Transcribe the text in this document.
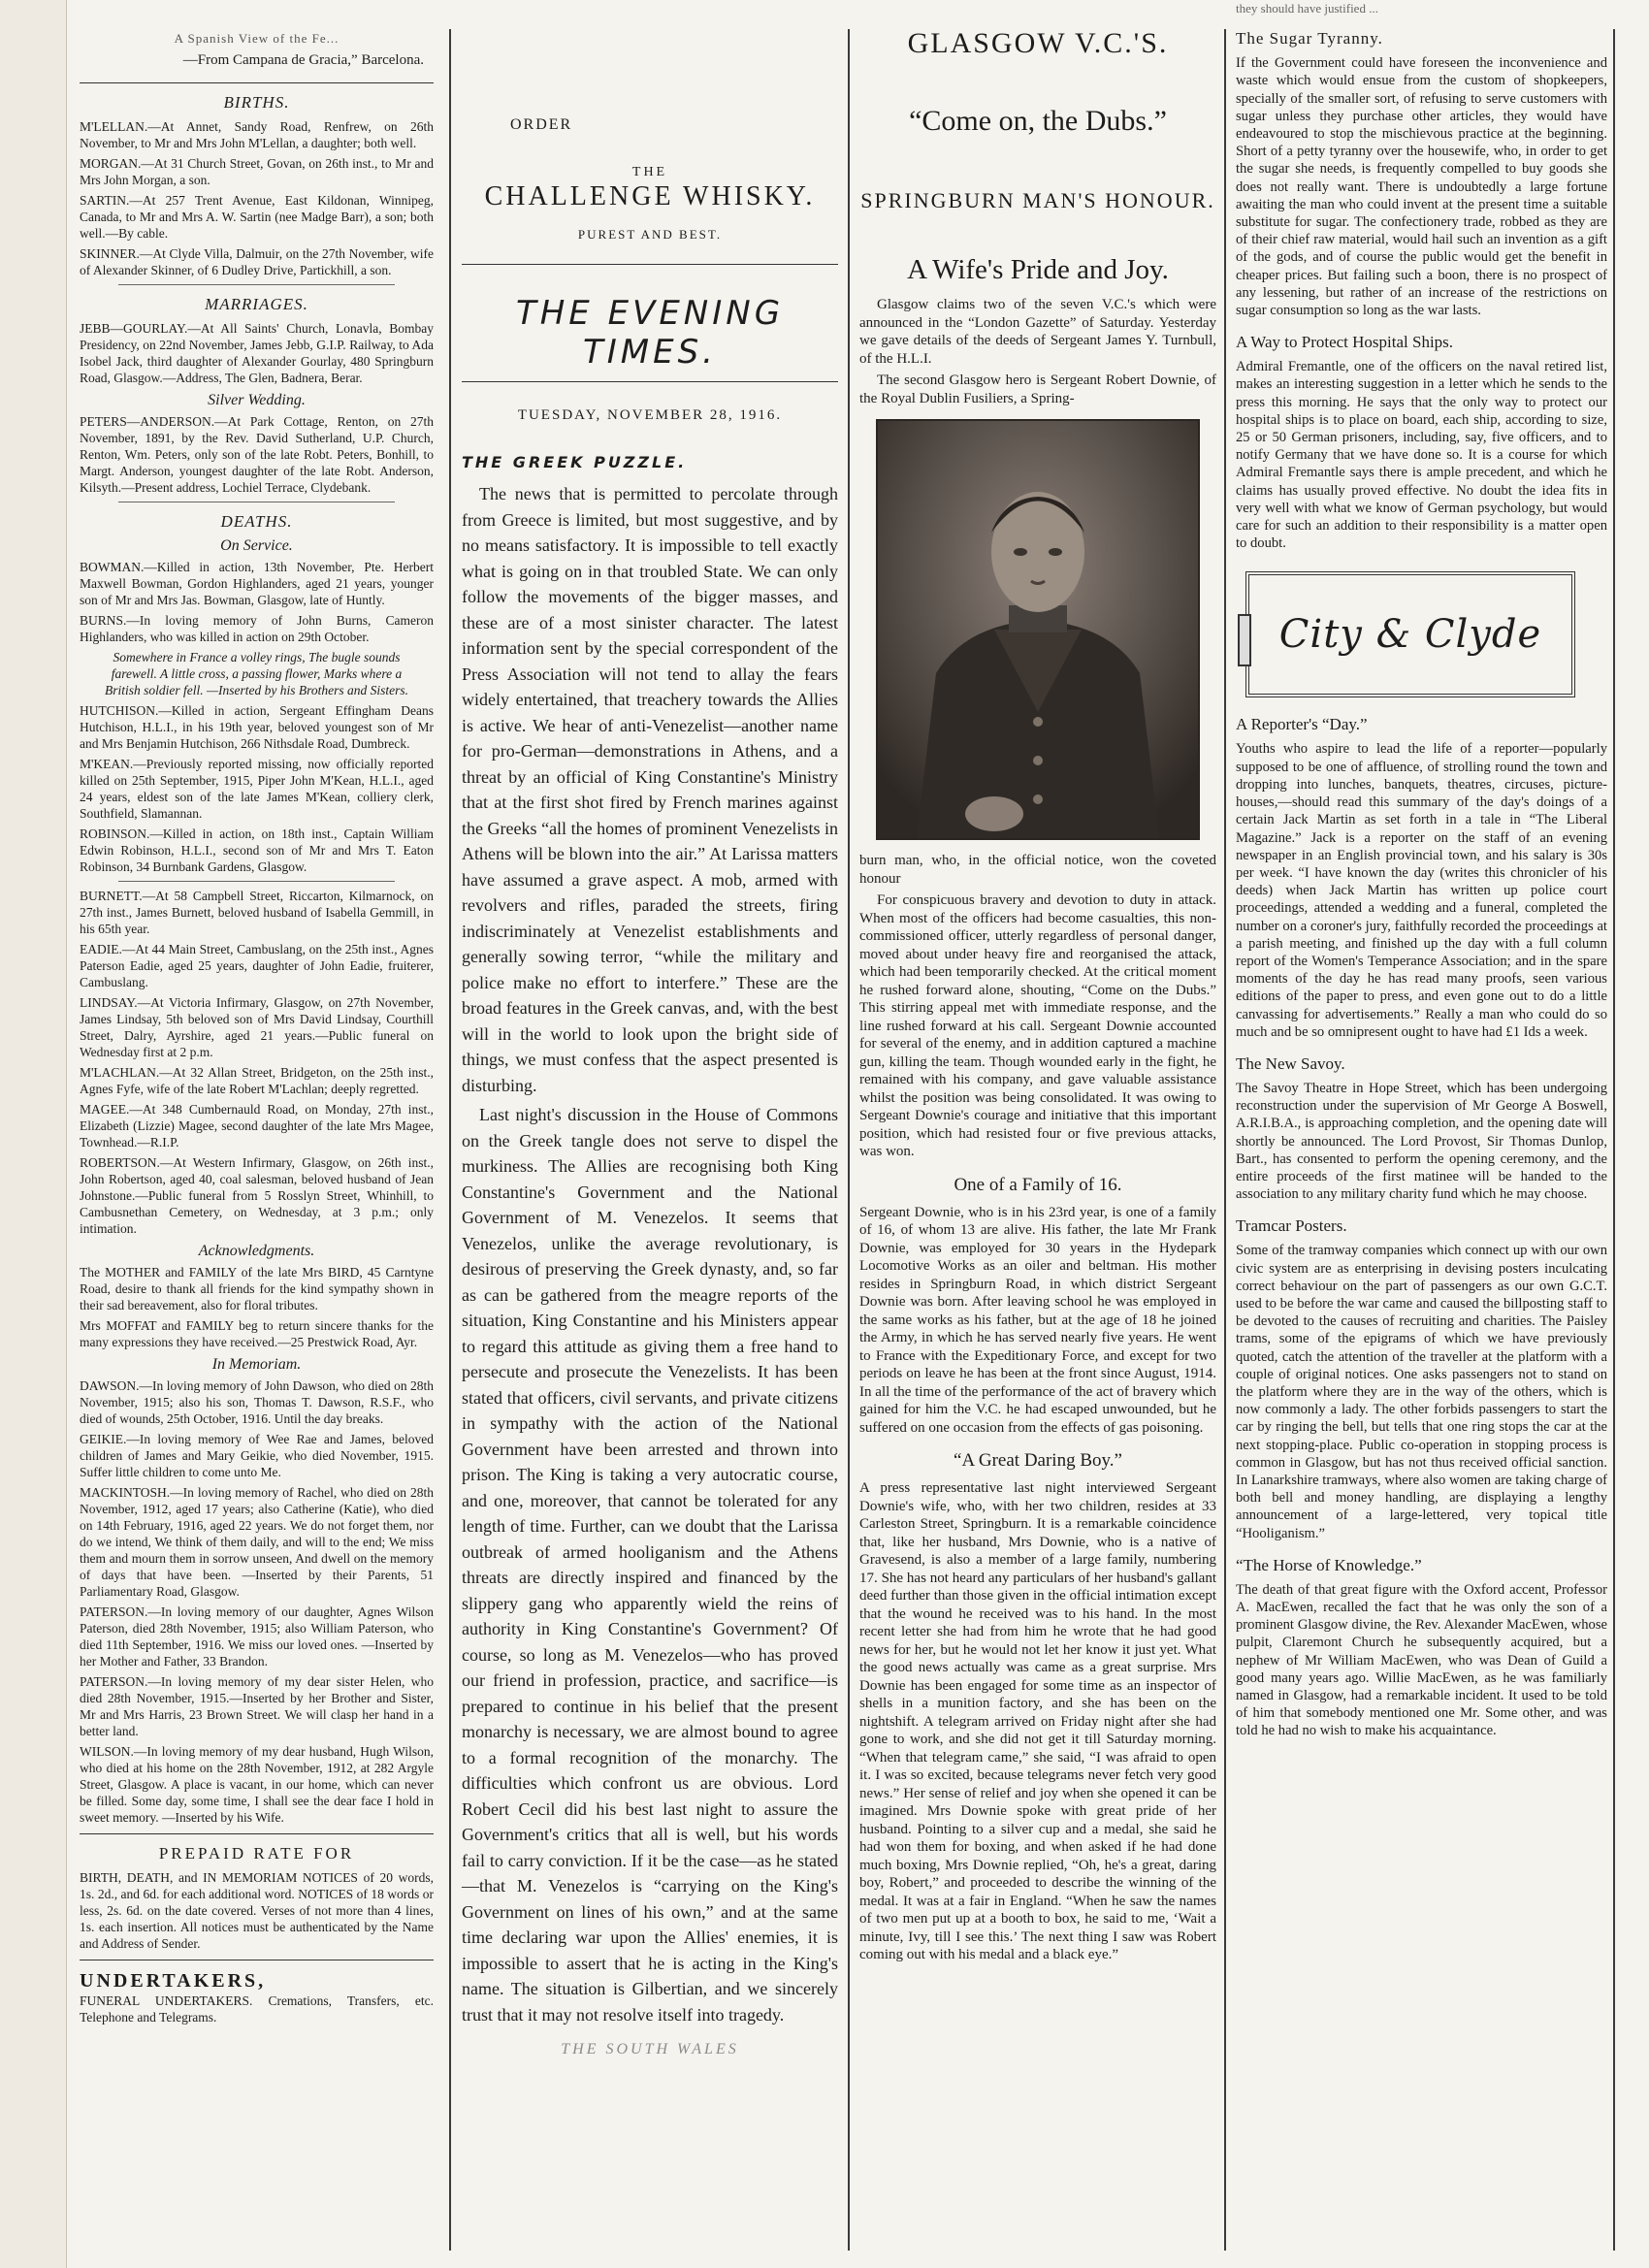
A Spanish View of the Fe...
—From Campana de Gracia,” Barcelona.
BIRTHS.

M'LELLAN.—At Annet, Sandy Road, Renfrew, on 26th November, to Mr and Mrs John M'Lellan, a daughter; both well.

MORGAN.—At 31 Church Street, Govan, on 26th inst., to Mr and Mrs John Morgan, a son.

SARTIN.—At 257 Trent Avenue, East Kildonan, Winnipeg, Canada, to Mr and Mrs A. W. Sartin (nee Madge Barr), a son; both well.—By cable.

SKINNER.—At Clyde Villa, Dalmuir, on the 27th November, wife of Alexander Skinner, of 6 Dudley Drive, Partickhill, a son.

MARRIAGES.

JEBB—GOURLAY.—At All Saints' Church, Lonavla, Bombay Presidency, on 22nd November, James Jebb, G.I.P. Railway, to Ada Isobel Jack, third daughter of Alexander Gourlay, 480 Springburn Road, Glasgow.—Address, The Glen, Badnera, Berar.

Silver Wedding.

PETERS—ANDERSON.—At Park Cottage, Renton, on 27th November, 1891, by the Rev. David Sutherland, U.P. Church, Renton, Wm. Peters, only son of the late Robt. Peters, Bonhill, to Margt. Anderson, youngest daughter of the late Robt. Anderson, Kilsyth.—Present address, Lochiel Terrace, Clydebank.

DEATHS.
On Service.

BOWMAN.—Killed in action, 13th November, Pte. Herbert Maxwell Bowman, Gordon Highlanders, aged 21 years, younger son of Mr and Mrs Jas. Bowman, Glasgow, late of Huntly.

BURNS.—In loving memory of John Burns, Cameron Highlanders, who was killed in action on 29th October.

Somewhere in France a volley rings, The bugle sounds farewell. A little cross, a passing flower, Marks where a British soldier fell. —Inserted by his Brothers and Sisters.

HUTCHISON.—Killed in action, Sergeant Effingham Deans Hutchison, H.L.I., in his 19th year, beloved youngest son of Mr and Mrs Benjamin Hutchison, 266 Nithsdale Road, Dumbreck.

M'KEAN.—Previously reported missing, now officially reported killed on 25th September, 1915, Piper John M'Kean, H.L.I., aged 24 years, eldest son of the late James M'Kean, colliery clerk, Southfield, Slamannan.

ROBINSON.—Killed in action, on 18th inst., Captain William Edwin Robinson, H.L.I., second son of Mr and Mrs T. Eaton Robinson, 34 Burnbank Gardens, Glasgow.

BURNETT.—At 58 Campbell Street, Riccarton, Kilmarnock, on 27th inst., James Burnett, beloved husband of Isabella Gemmill, in his 65th year.

EADIE.—At 44 Main Street, Cambuslang, on the 25th inst., Agnes Paterson Eadie, aged 25 years, daughter of John Eadie, fruiterer, Cambuslang.

LINDSAY.—At Victoria Infirmary, Glasgow, on 27th November, James Lindsay, 5th beloved son of Mrs David Lindsay, Courthill Street, Dalry, Ayrshire, aged 21 years.—Public funeral on Wednesday first at 2 p.m.

M'LACHLAN.—At 32 Allan Street, Bridgeton, on the 25th inst., Agnes Fyfe, wife of the late Robert M'Lachlan; deeply regretted.

MAGEE.—At 348 Cumbernauld Road, on Monday, 27th inst., Elizabeth (Lizzie) Magee, second daughter of the late Mrs Magee, Townhead.—R.I.P.

ROBERTSON.—At Western Infirmary, Glasgow, on 26th inst., John Robertson, aged 40, coal salesman, beloved husband of Jean Johnstone.—Public funeral from 5 Rosslyn Street, Whinhill, to Cambusnethan Cemetery, on Wednesday, at 3 p.m.; only intimation.

Acknowledgments.

The MOTHER and FAMILY of the late Mrs BIRD, 45 Carntyne Road, desire to thank all friends for the kind sympathy shown in their sad bereavement, also for floral tributes.

Mrs MOFFAT and FAMILY beg to return sincere thanks for the many expressions they have received.—25 Prestwick Road, Ayr.

In Memoriam.

DAWSON.—In loving memory of John Dawson, who died on 28th November, 1915; also his son, Thomas T. Dawson, R.S.F., who died of wounds, 25th October, 1916. Until the day breaks.

GEIKIE.—In loving memory of Wee Rae and James, beloved children of James and Mary Geikie, who died November, 1915. Suffer little children to come unto Me.

MACKINTOSH.—In loving memory of Rachel, who died on 28th November, 1912, aged 17 years; also Catherine (Katie), who died on 14th February, 1916, aged 22 years. We do not forget them, nor do we intend, We think of them daily, and will to the end; We miss them and mourn them in sorrow unseen, And dwell on the memory of days that have been. —Inserted by their Parents, 51 Parliamentary Road, Glasgow.

PATERSON.—In loving memory of our daughter, Agnes Wilson Paterson, died 28th November, 1915; also William Paterson, who died 11th September, 1916. We miss our loved ones. —Inserted by her Mother and Father, 33 Brandon.

PATERSON.—In loving memory of my dear sister Helen, who died 28th November, 1915.—Inserted by her Brother and Sister, Mr and Mrs Harris, 23 Brown Street. We will clasp her hand in a better land.

WILSON.—In loving memory of my dear husband, Hugh Wilson, who died at his home on the 28th November, 1912, at 282 Argyle Street, Glasgow. A place is vacant, in our home, which can never be filled. Some day, some time, I shall see the dear face I hold in sweet memory. —Inserted by his Wife.

PREPAID RATE FOR
BIRTH, DEATH, and IN MEMORIAM NOTICES of 20 words, 1s. 2d., and 6d. for each additional word. NOTICES of 18 words or less, 2s. 6d. on the date covered. Verses of not more than 4 lines, 1s. each insertion. All notices must be authenticated by the Name and Address of Sender.
UNDERTAKERS,
FUNERAL UNDERTAKERS. Cremations, Transfers, etc. Telephone and Telegrams.
ORDER
THE
CHALLENGE WHISKY.
PUREST AND BEST.
THE EVENING TIMES.
TUESDAY, NOVEMBER 28, 1916.
THE GREEK PUZZLE.

The news that is permitted to percolate through from Greece is limited, but most suggestive, and by no means satisfactory. It is impossible to tell exactly what is going on in that troubled State. We can only follow the movements of the bigger masses, and these are of a most sinister character. The latest information sent by the special correspondent of the Press Association will not tend to allay the fears widely entertained, that treachery towards the Allies is active. We hear of anti-Venezelist—another name for pro-German—demonstrations in Athens, and a threat by an official of King Constantine's Ministry that at the first shot fired by French marines against the Greeks “all the homes of prominent Venezelists in Athens will be blown into the air.” At Larissa matters have assumed a grave aspect. A mob, armed with revolvers and rifles, paraded the streets, firing indiscriminately at Venezelist establishments and generally sowing terror, “while the military and police make no effort to interfere.” These are the broad features in the Greek canvas, and, with the best will in the world to look upon the bright side of things, we must confess that the aspect presented is disturbing.

Last night's discussion in the House of Commons on the Greek tangle does not serve to dispel the murkiness. The Allies are recognising both King Constantine's Government and the National Government of M. Venezelos. It seems that Venezelos, unlike the average revolutionary, is desirous of preserving the Greek dynasty, and, so far as can be gathered from the meagre reports of the situation, King Constantine and his Ministers appear to regard this attitude as giving them a free hand to persecute and prosecute the Venezelists. It has been stated that officers, civil servants, and private citizens in sympathy with the action of the National Government have been arrested and thrown into prison. The King is taking a very autocratic course, and one, moreover, that cannot be tolerated for any length of time. Further, can we doubt that the Larissa outbreak of armed hooliganism and the Athens threats are directly inspired and financed by the slippery gang who apparently wield the reins of authority in King Constantine's Government? Of course, so long as M. Venezelos—who has proved our friend in profession, practice, and sacrifice—is prepared to continue in his belief that the present monarchy is necessary, we are almost bound to agree to a formal recognition of the monarchy. The difficulties which confront us are obvious. Lord Robert Cecil did his best last night to assure the Government's critics that all is well, but his words fail to carry conviction. If it be the case—as he stated—that M. Venezelos is “carrying on the King's Government on lines of his own,” and at the same time declaring war upon the Allies' enemies, it is impossible to assert that he is acting in the King's name. The situation is Gilbertian, and we sincerely trust that it may not resolve itself into tragedy.

THE SOUTH WALES
GLASGOW V.C.'S.
“Come on, the Dubs.”
SPRINGBURN MAN'S HONOUR.
A Wife's Pride and Joy.

Glasgow claims two of the seven V.C.'s which were announced in the “London Gazette” of Saturday. Yesterday we gave details of the deeds of Sergeant James Y. Turnbull, of the H.L.I.

The second Glasgow hero is Sergeant Robert Downie, of the Royal Dublin Fusiliers, a Spring-

burn man, who, in the official notice, won the coveted honour

For conspicuous bravery and devotion to duty in attack. When most of the officers had become casualties, this non-commissioned officer, utterly regardless of personal danger, moved about under heavy fire and reorganised the attack, which had been temporarily checked. At the critical moment he rushed forward alone, shouting, “Come on the Dubs.” This stirring appeal met with immediate response, and the line rushed forward at his call. Sergeant Downie accounted for several of the enemy, and in addition captured a machine gun, killing the team. Though wounded early in the fight, he remained with his company, and gave valuable assistance whilst the position was being consolidated. It was owing to Sergeant Downie's courage and initiative that this important position, which had resisted four or five previous attacks, was won.

One of a Family of 16.
Sergeant Downie, who is in his 23rd year, is one of a family of 16, of whom 13 are alive. His father, the late Mr Frank Downie, was employed for 30 years in the Hydepark Locomotive Works as an oiler and beltman. His mother resides in Springburn Road, in which district Sergeant Downie was born. After leaving school he was employed in the same works as his father, but at the age of 18 he joined the Army, in which he has served nearly five years. He went to France with the Expeditionary Force, and except for two periods on leave he has been at the front since August, 1914. In all the time of the performance of the act of bravery which gained for him the V.C. he had escaped unwounded, but he suffered on one occasion from the effects of gas poisoning.
“A Great Daring Boy.”
A press representative last night interviewed Sergeant Downie's wife, who, with her two children, resides at 33 Carleston Street, Springburn. It is a remarkable coincidence that, like her husband, Mrs Downie, who is a native of Gravesend, is also a member of a large family, numbering 17. She has not heard any particulars of her husband's gallant deed further than those given in the official intimation except that the wound he received was to his hand. In the most recent letter she had from him he wrote that he had good news for her, but he would not let her know it just yet. What the good news actually was came as a great surprise. Mrs Downie has been engaged for some time as an inspector of shells in a munition factory, and she has been on the nightshift. A telegram arrived on Friday night after she had gone to work, and she did not get it till Saturday morning. “When that telegram came,” she said, “I was afraid to open it. I was so excited, because telegrams never fetch very good news.” Her sense of relief and joy when she opened it can be imagined. Mrs Downie spoke with great pride of her husband. Pointing to a silver cup and a medal, she said he had won them for boxing, and when asked if he had done much boxing, Mrs Downie replied, “Oh, he's a great, daring boy, Robert,” and proceeded to describe the winning of the medal. It was at a fair in England. “When he saw the names of two men put up at a booth to box, he said to me, ‘Wait a minute, Ivy, till I see this.’ The next thing I saw was Robert coming out with his medal and a black eye.”
they should have justified ...
The Sugar Tyranny.
If the Government could have foreseen the inconvenience and waste which would ensue from the custom of shopkeepers, specially of the smaller sort, of refusing to serve customers with sugar unless they purchase other articles, they would have endeavoured to stop the mischievous practice at the beginning. Short of a petty tyranny over the housewife, who, in order to get the sugar she needs, is frequently compelled to buy goods she does not really want. There is undoubtedly a large fortune awaiting the man who could invent at the present time a suitable substitute for sugar. The confectionery trade, robbed as they are of their chief raw material, would hail such an invention as a gift of the gods, and of course the public would get the benefit in cheaper prices. But failing such a boon, there is no prospect of any lessening, but rather of an increase of the restrictions on sugar consumption so long as the war lasts.
A Way to Protect Hospital Ships.
Admiral Fremantle, one of the officers on the naval retired list, makes an interesting suggestion in a letter which he sends to the press this morning. He says that the only way to protect our hospital ships is to place on board, each ship, according to size, 25 or 50 German prisoners, including, say, five officers, and to notify Germany that we have done so. It is a course for which Admiral Fremantle says there is ample precedent, and which he claims has usually proved effective. No doubt the idea fits in very well with what we know of German psychology, but would care for such an addition to their responsibility is a matter open to doubt.
City & Clyde
A Reporter's “Day.”
Youths who aspire to lead the life of a reporter—popularly supposed to be one of affluence, of strolling round the town and dropping into lunches, banquets, theatres, circuses, picture-houses,—should read this summary of the day's doings of a certain Jack Martin as set forth in a tale in “The Liberal Magazine.” Jack is a reporter on the staff of an evening newspaper in an English provincial town, and his salary is 30s per week. “I have known the day (writes this chronicler of his deeds) when Jack Martin has written up police court proceedings, attended a wedding and a funeral, completed the number on a coroner's jury, faithfully recorded the proceedings at a parish meeting, and finished up the day with a full column report of the Women's Temperance Association; and in the spare moments of the day he has read many proofs, seen various editions of the paper to press, and even gone out to do a little canvassing for advertisements.” Really a man who could do so much and be so omnipresent ought to have had £1 Ids a week.
The New Savoy.
The Savoy Theatre in Hope Street, which has been undergoing reconstruction under the supervision of Mr George A Boswell, A.R.I.B.A., is approaching completion, and the opening date will shortly be announced. The Lord Provost, Sir Thomas Dunlop, Bart., has consented to perform the opening ceremony, and the entire proceeds of the first matinee will be handed to the association to any military charity fund which he may choose.
Tramcar Posters.
Some of the tramway companies which connect up with our own civic system are as enterprising in devising posters inculcating correct behaviour on the part of passengers as our own G.C.T. used to be before the war came and caused the billposting staff to be devoted to the causes of recruiting and charities. The Paisley trams, some of the epigrams of which we have previously quoted, catch the attention of the traveller at the platform with a couple of original notices. One asks passengers not to stand on the platform where they are in the way of the others, which is now commonly a lady. The other forbids passengers to start the car by ringing the bell, but tells that one ring stops the car at the next stopping-place. Public co-operation in stopping process is common in Glasgow, but has not thus received official sanction. In Lanarkshire tramways, where also women are taking charge of both bell and money handling, are displaying a lengthy announcement of a large-lettered, very topical title “Hooliganism.”
“The Horse of Knowledge.”
The death of that great figure with the Oxford accent, Professor A. MacEwen, recalled the fact that he was only the son of a prominent Glasgow divine, the Rev. Alexander MacEwen, whose pulpit, Claremont Church he subsequently acquired, but a nephew of Mr William MacEwen, who was Dean of Guild a good many years ago. Willie MacEwen, as he was familiarly named in Glasgow, had a remarkable incident. It used to be told of him that somebody mentioned one Mr. Some other, and was told he had no wish to make his acquaintance.
